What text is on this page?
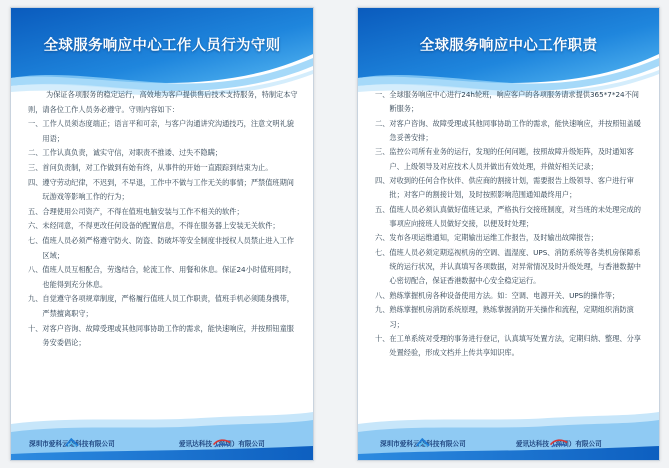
全球服务响应中心工作人员行为守则
为保证各项服务的稳定运行，高效地为客户提供售后技术支持服务，特制定本守则，请各位工作人员务必遵守。守则内容如下：
一、 工作人员须态度端正；语言平和可亲，与客户沟通讲究沟通技巧，注意文明礼貌用语；
二、 工作认真负责，诚实守信，对职责不推诿、过失不隐瞒；
三、 首问负责制，对工作做到有始有终，从事件的开始一直跟踪到结束为止。
四、 遵守劳动纪律，不迟到，不早退，工作中不做与工作无关的事情；严禁值班期间玩游戏等影响工作的行为；
五、 合理使用公司资产，不得在值班电脑安装与工作不相关的软件；
六、 未经同意，不得更改任何设备的配置信息，不得在服务器上安装无关软件；
七、 值班人员必须严格遵守防火、防盗、防破坏等安全制度非授权人员禁止进入工作区域；
八、 值班人员互相配合，劳逸结合，轮流工作、用餐和休息。保证24小时值班同时，也能得到充分休息。
九、 自觉遵守各项规章制度，严格履行值班人员工作职责，值班手机必须随身携带，严禁擅离职守；
十、 对客户咨询、故障受理或其他同事协助工作的需求，能快速响应，并按照钮童服务安委倡论；
深圳市爱科云通科技有限公司	爱讯达科技（深圳）有限公司
全球服务响应中心工作职责
一、 全球服务响应中心进行24h轮班，响应客户的各项服务请求提供365*7*24不间断服务；
二、 对客户咨询、故障受理或其他同事协助工作的需求，能快速响应，并按照钮盖暖急妥善安排；
三、 监控公司所有业务的运行，发现的任何问题，按照故障升级矩阵，及时通知客户、上级领导及对应技术人员并做出有效处理，并做好相关记录；
四、 对收到的任何合作伙伴、供应商的割接计划，需要报告上级领导、客户进行审批；对客户的割接计划，及时按照影响范围通知最终用户；
五、 值班人员必须认真做好值班记录，严格执行交接班制度，对当班的未处理完成的事项应向接班人员做好交接，以便及时处理；
六、 发布各项运维通知，定期输出运维工作报告，及时输出故障报告；
七、 值班人员必须定期巡视机房的空调、温湿度、UPS、消防系统等各类机房保障系统的运行状况，并认真填写各项数据，对异常情况及时升级处理，与香港数据中心密切配合，保证香港数据中心安全稳定运行。
八、 熟练掌握机房各种设备使用方法。如：空调、电源开关、UPS的操作等；
九、 熟练掌握机房消防系统原理，熟练掌握消防开关操作和流程，定期组织消防演习；
十、 在工单系统对受理的事务进行登记，认真填写处置方法，定期归纳、整理、分享处置经验，形成文档并上传共享知识库。
深圳市爱科云通科技有限公司	爱讯达科技（深圳）有限公司
